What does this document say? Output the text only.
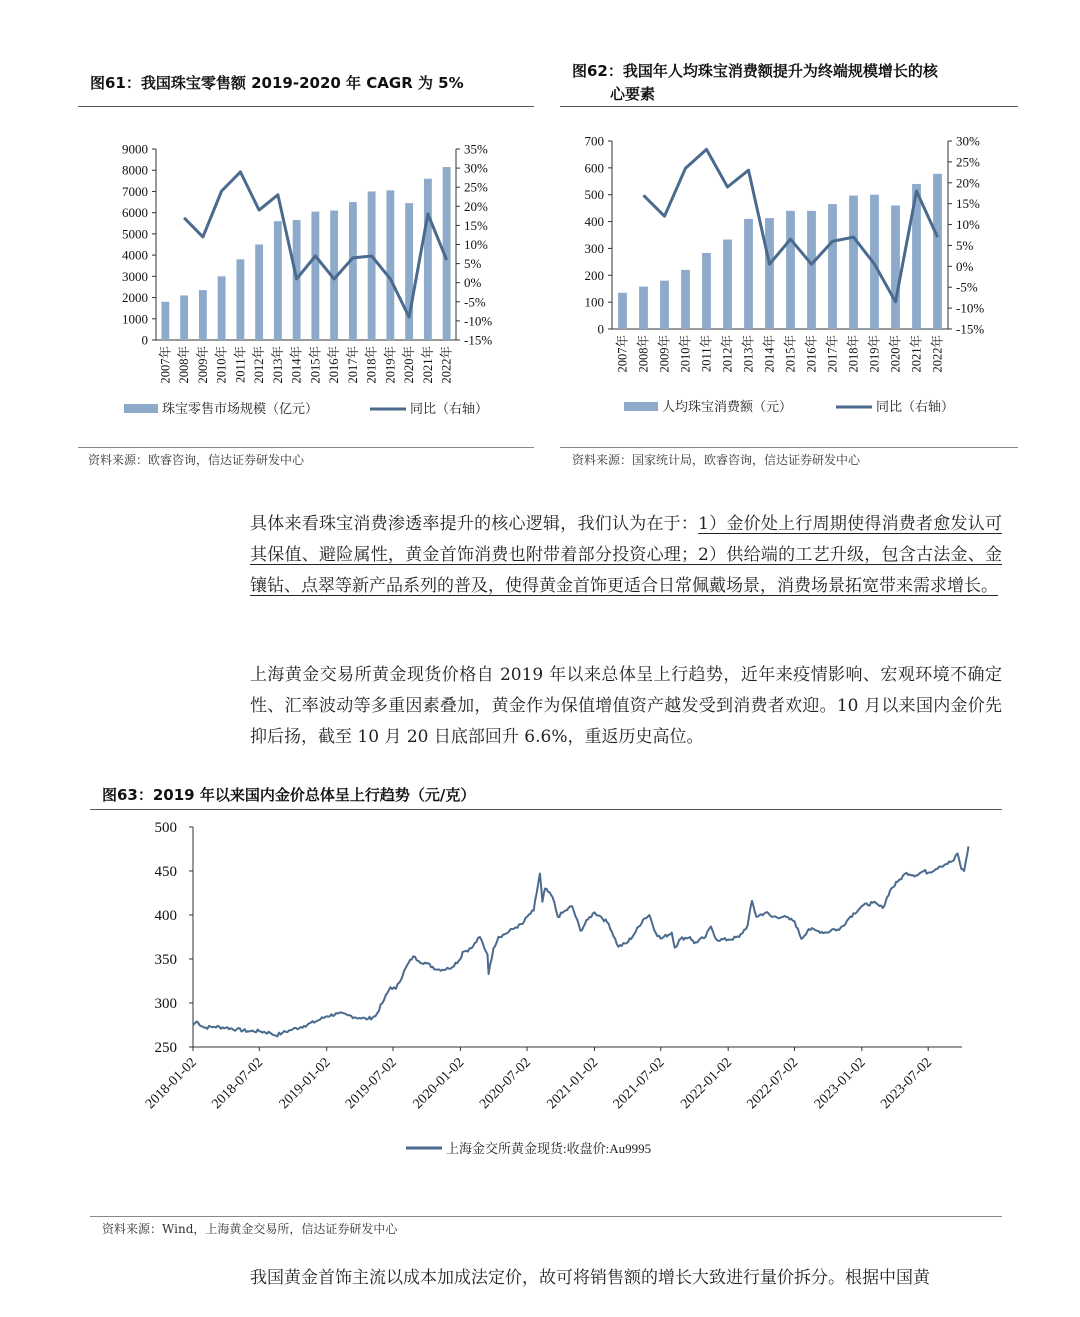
图61：我国珠宝零售额 2019-2020 年 CAGR 为 5%
0
1000
2000
3000
4000
5000
6000
7000
8000
9000
-15%
-10%
-5%
0%
5%
10%
15%
20%
25%
30%
35%
2007年 2008年 2009年 2010年 2011年 2012年 2013年 2014年 2015年 2016年 2017年 2018年 2019年 2020年 2021年 2022年
珠宝零售市场规模（亿元）	同比（右轴）
资料来源：欧睿咨询，信达证券研发中心
图62：我国年人均珠宝消费额提升为终端规模增长的核
心要素
0
100
200
300
400
500
600
700
-15%
-10%
-5%
0%
5%
10%
15%
20%
25%
30%
2007年 2008年 2009年 2010年 2011年 2012年 2013年 2014年 2015年 2016年 2017年 2018年 2019年 2020年 2021年 2022年
人均珠宝消费额（元）	同比（右轴）
资料来源：国家统计局，欧睿咨询，信达证券研发中心
具体来看珠宝消费渗透率提升的核心逻辑，我们认为在于：1）金价处上行周期使得消费者愈发认可其保值、避险属性，黄金首饰消费也附带着部分投资心理；2）供给端的工艺升级，包含古法金、金镶钻、点翠等新产品系列的普及，使得黄金首饰更适合日常佩戴场景，消费场景拓宽带来需求增长。
上海黄金交易所黄金现货价格自 2019 年以来总体呈上行趋势，近年来疫情影响、宏观环境不确定性、汇率波动等多重因素叠加，黄金作为保值增值资产越发受到消费者欢迎。10 月以来国内金价先抑后扬，截至 10 月 20 日底部回升 6.6%，重返历史高位。
图63：2019 年以来国内金价总体呈上行趋势（元/克）
250
300
350
400
450
500
2018-01-02 2018-07-02 2019-01-02 2019-07-02 2020-01-02 2020-07-02 2021-01-02 2021-07-02 2022-01-02 2022-07-02 2023-01-02 2023-07-02
上海金交所黄金现货:收盘价:Au9995
资料来源：Wind，上海黄金交易所，信达证券研发中心
我国黄金首饰主流以成本加成法定价，故可将销售额的增长大致进行量价拆分。根据中国黄
